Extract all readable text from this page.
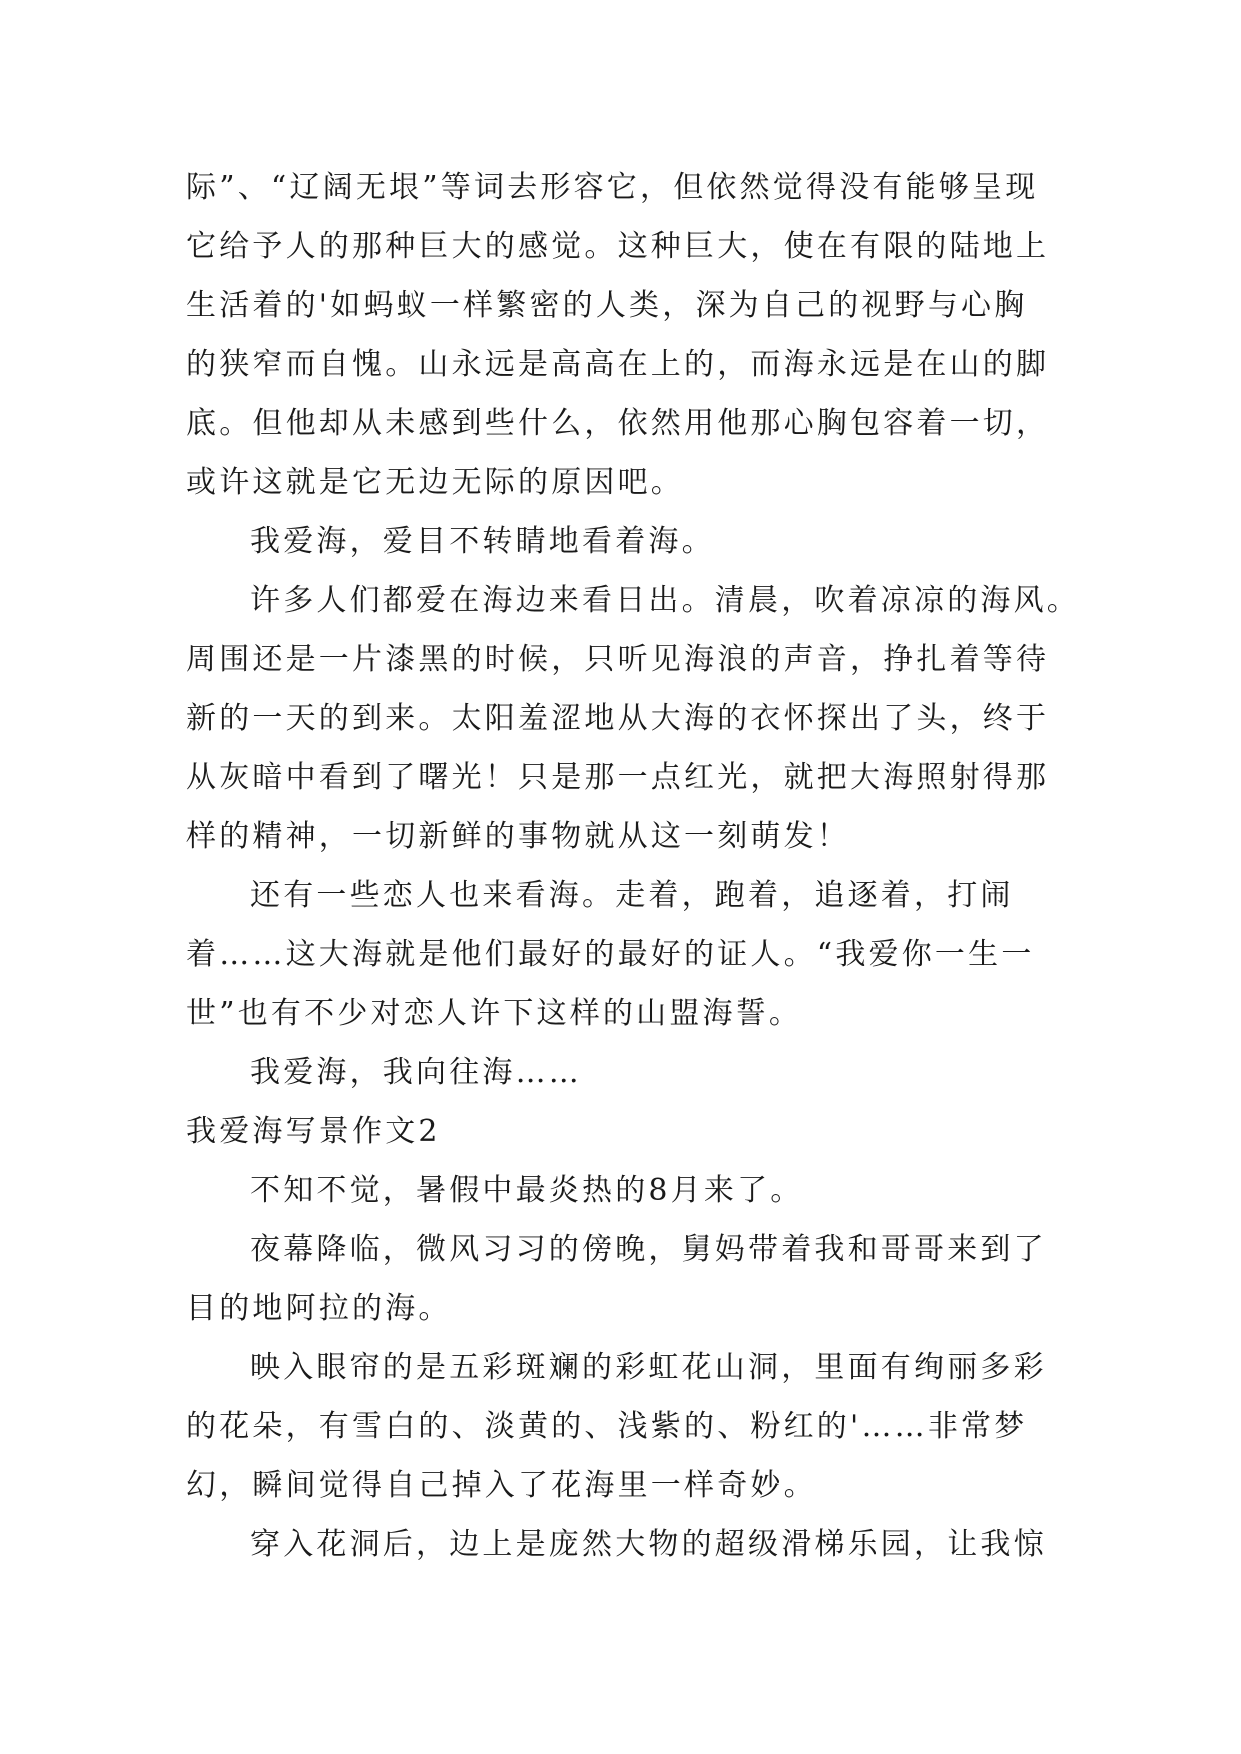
际”、“辽阔无垠”等词去形容它，但依然觉得没有能够呈现
它给予人的那种巨大的感觉。这种巨大，使在有限的陆地上
生活着的'如蚂蚁一样繁密的人类，深为自己的视野与心胸
的狭窄而自愧。山永远是高高在上的，而海永远是在山的脚
底。但他却从未感到些什么，依然用他那心胸包容着一切，
或许这就是它无边无际的原因吧。
我爱海，爱目不转睛地看着海。
许多人们都爱在海边来看日出。清晨，吹着凉凉的海风。
周围还是一片漆黑的时候，只听见海浪的声音，挣扎着等待
新的一天的到来。太阳羞涩地从大海的衣怀探出了头，终于
从灰暗中看到了曙光！只是那一点红光，就把大海照射得那
样的精神，一切新鲜的事物就从这一刻萌发！
还有一些恋人也来看海。走着，跑着，追逐着，打闹
着……这大海就是他们最好的最好的证人。“我爱你一生一
世”也有不少对恋人许下这样的山盟海誓。
我爱海，我向往海……
我爱海写景作文2
不知不觉，暑假中最炎热的8月来了。
夜幕降临，微风习习的傍晚，舅妈带着我和哥哥来到了
目的地阿拉的海。
映入眼帘的是五彩斑斓的彩虹花山洞，里面有绚丽多彩
的花朵，有雪白的、淡黄的、浅紫的、粉红的'……非常梦
幻，瞬间觉得自己掉入了花海里一样奇妙。
穿入花洞后，边上是庞然大物的超级滑梯乐园，让我惊
